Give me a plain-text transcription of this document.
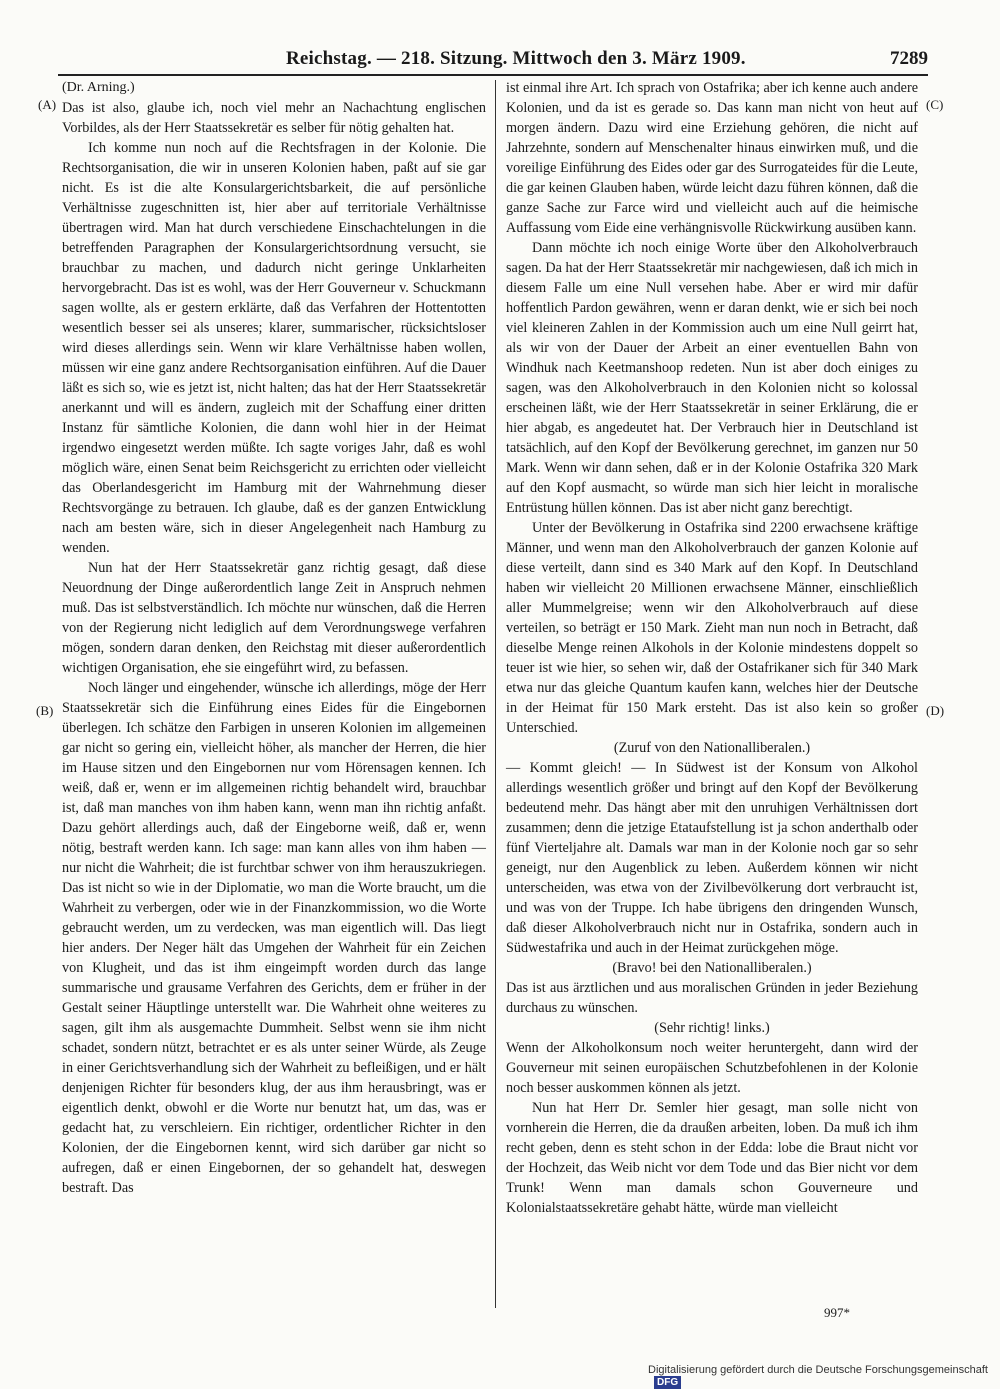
Reichstag. — 218. Sitzung. Mittwoch den 3. März 1909.	7289
(A)
(B)
(C)
(D)

(Dr. Arning.)

Das ist also, glaube ich, noch viel mehr an Nachachtung englischen Vorbildes, als der Herr Staatssekretär es selber für nötig gehalten hat.

Ich komme nun noch auf die Rechtsfragen in der Kolonie. Die Rechtsorganisation, die wir in unseren Kolonien haben, paßt auf sie gar nicht. Es ist die alte Konsulargerichtsbarkeit, die auf persönliche Verhältnisse zugeschnitten ist, hier aber auf territoriale Verhältnisse übertragen wird. Man hat durch verschiedene Einschachtelungen in die betreffenden Paragraphen der Konsulargerichtsordnung versucht, sie brauchbar zu machen, und dadurch nicht geringe Unklarheiten hervorgebracht. Das ist es wohl, was der Herr Gouverneur v. Schuckmann sagen wollte, als er gestern erklärte, daß das Verfahren der Hottentotten wesentlich besser sei als unseres; klarer, summarischer, rücksichtsloser wird dieses allerdings sein. Wenn wir klare Verhältnisse haben wollen, müssen wir eine ganz andere Rechtsorganisation einführen. Auf die Dauer läßt es sich so, wie es jetzt ist, nicht halten; das hat der Herr Staatssekretär anerkannt und will es ändern, zugleich mit der Schaffung einer dritten Instanz für sämtliche Kolonien, die dann wohl hier in der Heimat irgendwo eingesetzt werden müßte. Ich sagte voriges Jahr, daß es wohl möglich wäre, einen Senat beim Reichsgericht zu errichten oder vielleicht das Oberlandesgericht im Hamburg mit der Wahrnehmung dieser Rechtsvorgänge zu betrauen. Ich glaube, daß es der ganzen Entwicklung nach am besten wäre, sich in dieser Angelegenheit nach Hamburg zu wenden.

Nun hat der Herr Staatssekretär ganz richtig gesagt, daß diese Neuordnung der Dinge außerordentlich lange Zeit in Anspruch nehmen muß. Das ist selbstverständlich. Ich möchte nur wünschen, daß die Herren von der Regierung nicht lediglich auf dem Verordnungswege verfahren mögen, sondern daran denken, den Reichstag mit dieser außerordentlich wichtigen Organisation, ehe sie eingeführt wird, zu befassen.

Noch länger und eingehender, wünsche ich allerdings, möge der Herr Staatssekretär sich die Einführung eines Eides für die Eingebornen überlegen. Ich schätze den Farbigen in unseren Kolonien im allgemeinen gar nicht so gering ein, vielleicht höher, als mancher der Herren, die hier im Hause sitzen und den Eingebornen nur vom Hörensagen kennen. Ich weiß, daß er, wenn er im allgemeinen richtig behandelt wird, brauchbar ist, daß man manches von ihm haben kann, wenn man ihn richtig anfaßt. Dazu gehört allerdings auch, daß der Eingeborne weiß, daß er, wenn nötig, bestraft werden kann. Ich sage: man kann alles von ihm haben — nur nicht die Wahrheit; die ist furchtbar schwer von ihm herauszukriegen. Das ist nicht so wie in der Diplomatie, wo man die Worte braucht, um die Wahrheit zu verbergen, oder wie in der Finanzkommission, wo die Worte gebraucht werden, um zu verdecken, was man eigentlich will. Das liegt hier anders. Der Neger hält das Umgehen der Wahrheit für ein Zeichen von Klugheit, und das ist ihm eingeimpft worden durch das lange summarische und grausame Verfahren des Gerichts, dem er früher in der Gestalt seiner Häuptlinge unterstellt war. Die Wahrheit ohne weiteres zu sagen, gilt ihm als ausgemachte Dummheit. Selbst wenn sie ihm nicht schadet, sondern nützt, betrachtet er es als unter seiner Würde, als Zeuge in einer Gerichtsverhandlung sich der Wahrheit zu befleißigen, und er hält denjenigen Richter für besonders klug, der aus ihm herausbringt, was er eigentlich denkt, obwohl er die Worte nur benutzt hat, um das, was er gedacht hat, zu verschleiern. Ein richtiger, ordentlicher Richter in den Kolonien, der die Eingebornen kennt, wird sich darüber gar nicht so aufregen, daß er einen Eingebornen, der so gehandelt hat, deswegen bestraft. Das

ist einmal ihre Art. Ich sprach von Ostafrika; aber ich kenne auch andere Kolonien, und da ist es gerade so. Das kann man nicht von heut auf morgen ändern. Dazu wird eine Erziehung gehören, die nicht auf Jahrzehnte, sondern auf Menschenalter hinaus einwirken muß, und die voreilige Einführung des Eides oder gar des Surrogateides für die Leute, die gar keinen Glauben haben, würde leicht dazu führen können, daß die ganze Sache zur Farce wird und vielleicht auch auf die heimische Auffassung vom Eide eine verhängnisvolle Rückwirkung ausüben kann.

Dann möchte ich noch einige Worte über den Alkoholverbrauch sagen. Da hat der Herr Staatssekretär mir nachgewiesen, daß ich mich in diesem Falle um eine Null versehen habe. Aber er wird mir dafür hoffentlich Pardon gewähren, wenn er daran denkt, wie er sich bei noch viel kleineren Zahlen in der Kommission auch um eine Null geirrt hat, als wir von der Dauer der Arbeit an einer eventuellen Bahn von Windhuk nach Keetmanshoop redeten. Nun ist aber doch einiges zu sagen, was den Alkoholverbrauch in den Kolonien nicht so kolossal erscheinen läßt, wie der Herr Staatssekretär in seiner Erklärung, die er hier abgab, es angedeutet hat. Der Verbrauch hier in Deutschland ist tatsächlich, auf den Kopf der Bevölkerung gerechnet, im ganzen nur 50 Mark. Wenn wir dann sehen, daß er in der Kolonie Ostafrika 320 Mark auf den Kopf ausmacht, so würde man sich hier leicht in moralische Entrüstung hüllen können. Das ist aber nicht ganz berechtigt.

Unter der Bevölkerung in Ostafrika sind 2200 erwachsene kräftige Männer, und wenn man den Alkoholverbrauch der ganzen Kolonie auf diese verteilt, dann sind es 340 Mark auf den Kopf. In Deutschland haben wir vielleicht 20 Millionen erwachsene Männer, einschließlich aller Mummelgreise; wenn wir den Alkoholverbrauch auf diese verteilen, so beträgt er 150 Mark. Zieht man nun noch in Betracht, daß dieselbe Menge reinen Alkohols in der Kolonie mindestens doppelt so teuer ist wie hier, so sehen wir, daß der Ostafrikaner sich für 340 Mark etwa nur das gleiche Quantum kaufen kann, welches hier der Deutsche in der Heimat für 150 Mark ersteht. Das ist also kein so großer Unterschied.

(Zuruf von den Nationalliberalen.)

— Kommt gleich! — In Südwest ist der Konsum von Alkohol allerdings wesentlich größer und bringt auf den Kopf der Bevölkerung bedeutend mehr. Das hängt aber mit den unruhigen Verhältnissen dort zusammen; denn die jetzige Etataufstellung ist ja schon anderthalb oder fünf Vierteljahre alt. Damals war man in der Kolonie noch gar so sehr geneigt, nur den Augenblick zu leben. Außerdem können wir nicht unterscheiden, was etwa von der Zivilbevölkerung dort verbraucht ist, und was von der Truppe. Ich habe übrigens den dringenden Wunsch, daß dieser Alkoholverbrauch nicht nur in Ostafrika, sondern auch in Südwestafrika und auch in der Heimat zurückgehen möge.

(Bravo! bei den Nationalliberalen.)

Das ist aus ärztlichen und aus moralischen Gründen in jeder Beziehung durchaus zu wünschen.

(Sehr richtig! links.)

Wenn der Alkoholkonsum noch weiter heruntergeht, dann wird der Gouverneur mit seinen europäischen Schutzbefohlenen in der Kolonie noch besser auskommen können als jetzt.

Nun hat Herr Dr. Semler hier gesagt, man solle nicht von vornherein die Herren, die da draußen arbeiten, loben. Da muß ich ihm recht geben, denn es steht schon in der Edda: lobe die Braut nicht vor der Hochzeit, das Weib nicht vor dem Tode und das Bier nicht vor dem Trunk! Wenn man damals schon Gouverneure und Kolonialstaatssekretäre gehabt hätte, würde man vielleicht

997*
Digitalisierung gefördert durch die Deutsche Forschungsgemeinschaft DFG
